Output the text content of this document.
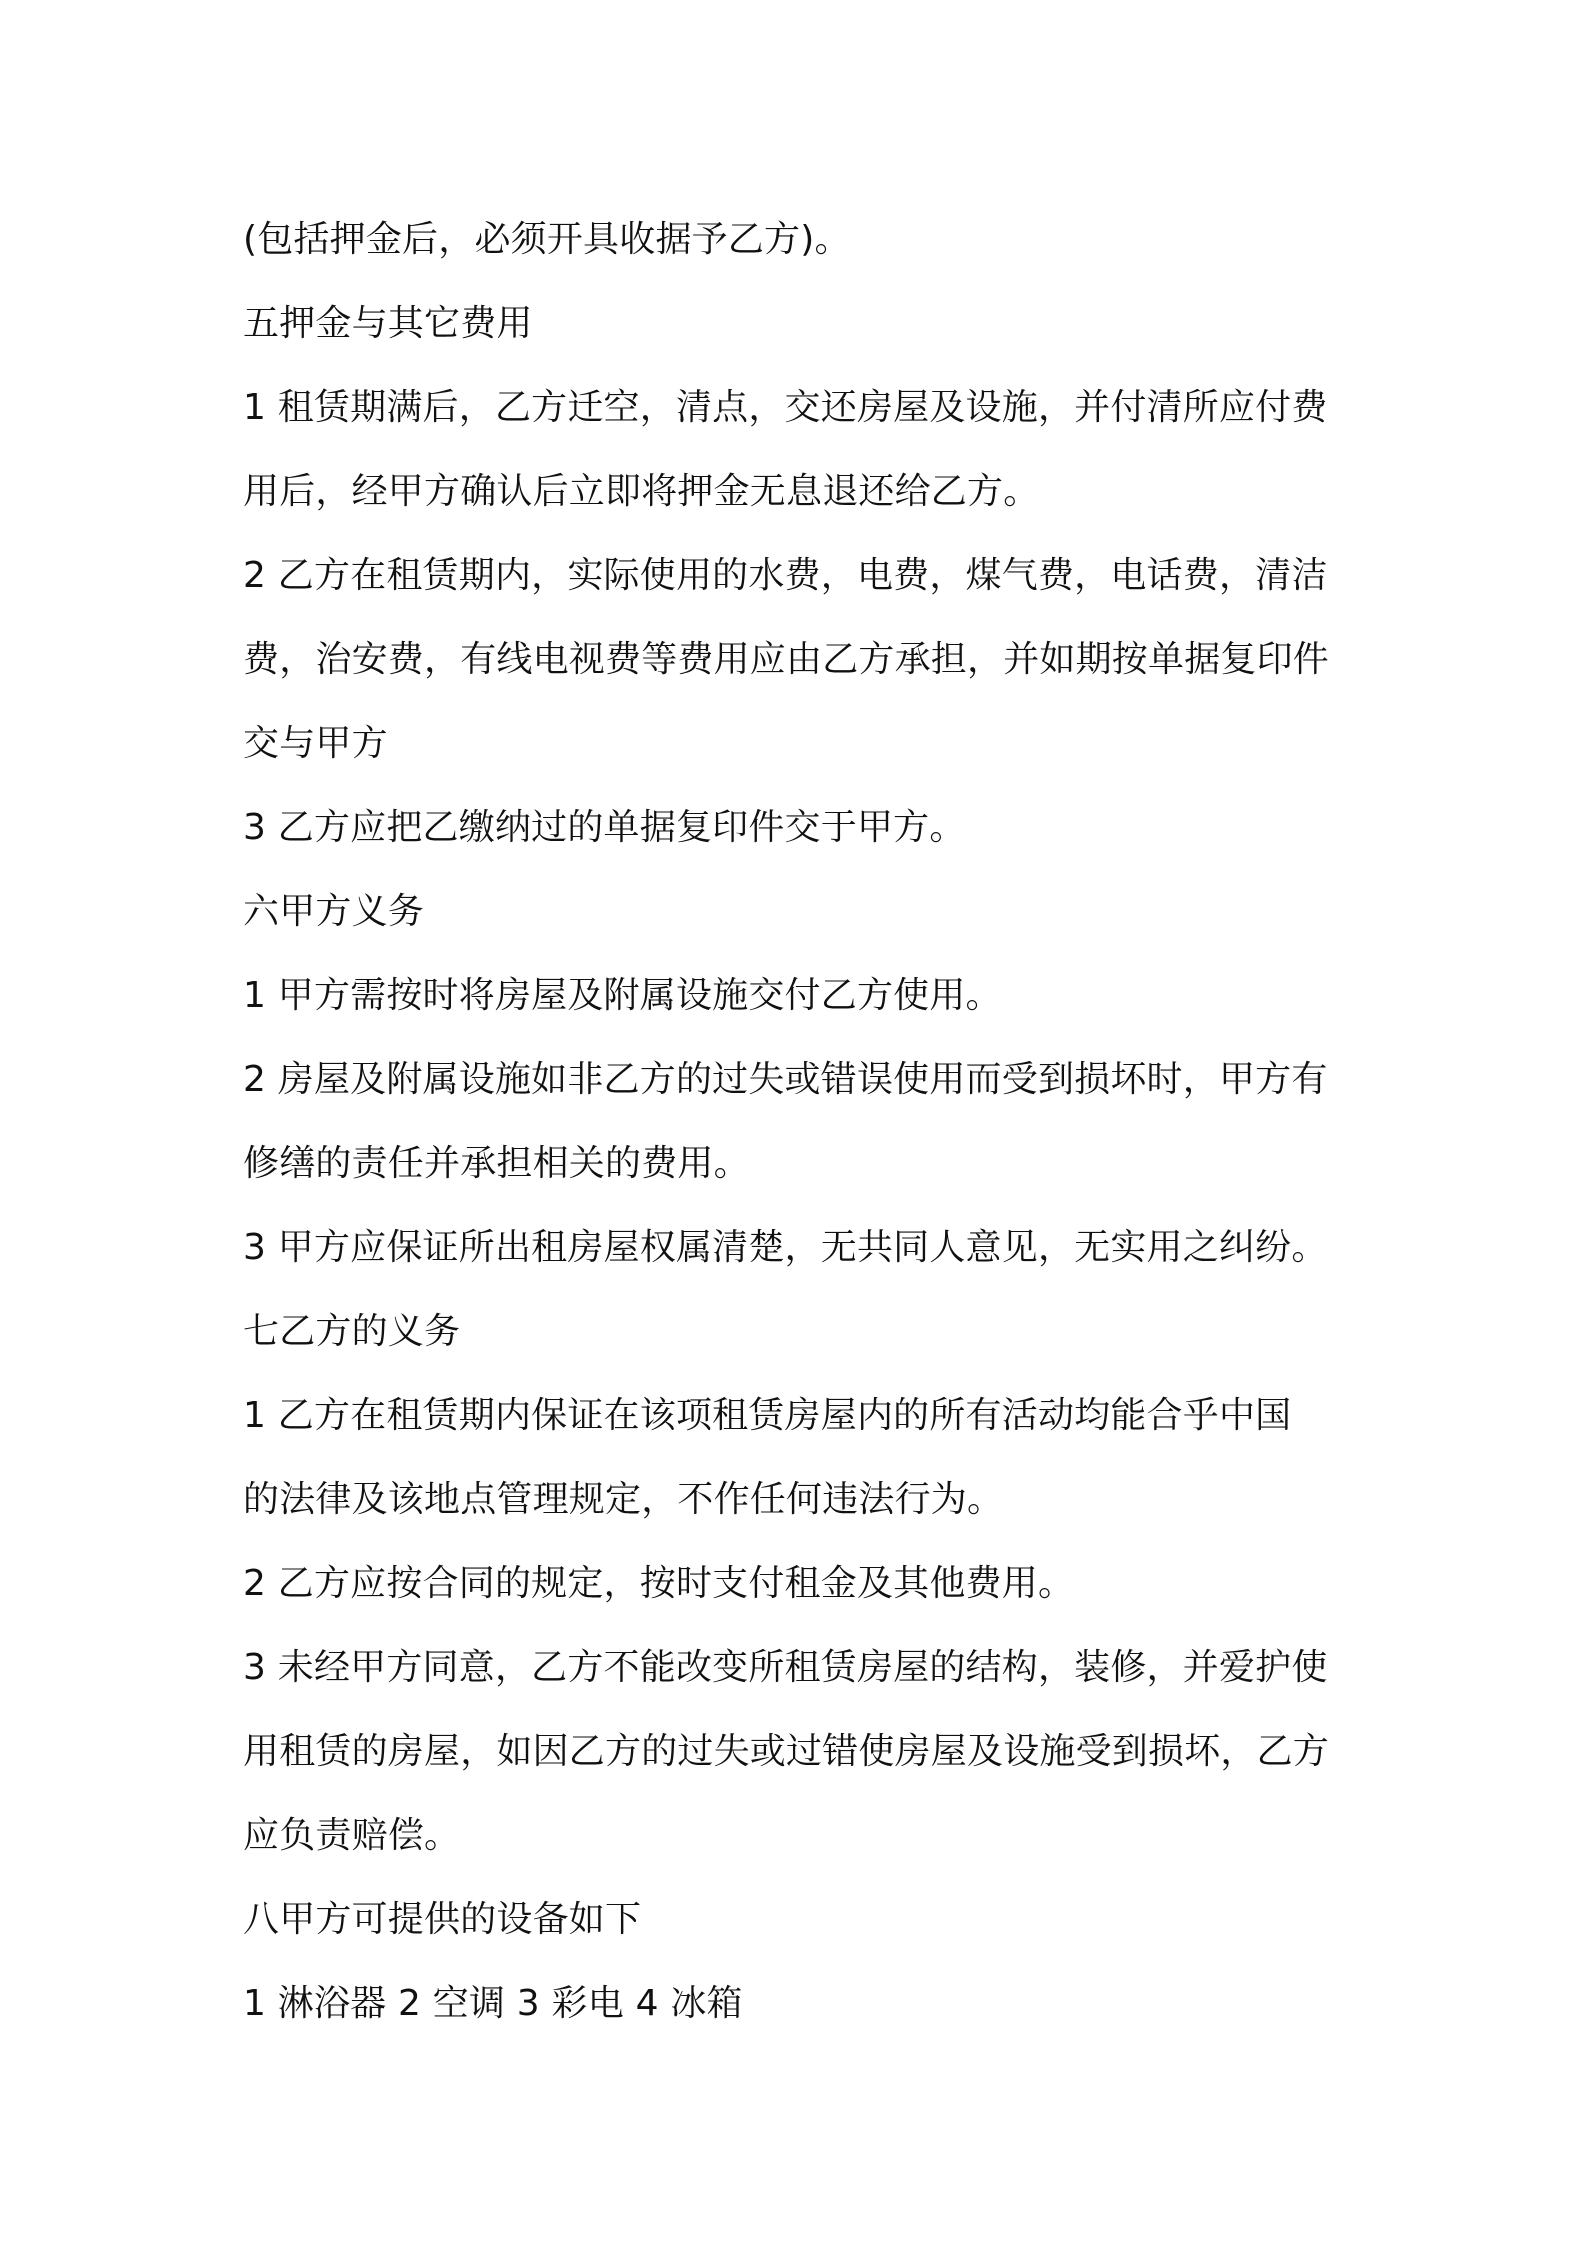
(包括押金后，必须开具收据予乙方)。

五押金与其它费用

1 租赁期满后，乙方迁空，清点，交还房屋及设施，并付清所应付费

用后，经甲方确认后立即将押金无息退还给乙方。

2 乙方在租赁期内，实际使用的水费，电费，煤气费，电话费，清洁

费，治安费，有线电视费等费用应由乙方承担，并如期按单据复印件

交与甲方

3 乙方应把乙缴纳过的单据复印件交于甲方。

六甲方义务

1 甲方需按时将房屋及附属设施交付乙方使用。

2 房屋及附属设施如非乙方的过失或错误使用而受到损坏时，甲方有

修缮的责任并承担相关的费用。

3 甲方应保证所出租房屋权属清楚，无共同人意见，无实用之纠纷。

七乙方的义务

1 乙方在租赁期内保证在该项租赁房屋内的所有活动均能合乎中国

的法律及该地点管理规定，不作任何违法行为。

2 乙方应按合同的规定，按时支付租金及其他费用。

3 未经甲方同意，乙方不能改变所租赁房屋的结构，装修，并爱护使

用租赁的房屋，如因乙方的过失或过错使房屋及设施受到损坏，乙方

应负责赔偿。

八甲方可提供的设备如下

1 淋浴器 2 空调 3 彩电 4 冰箱
